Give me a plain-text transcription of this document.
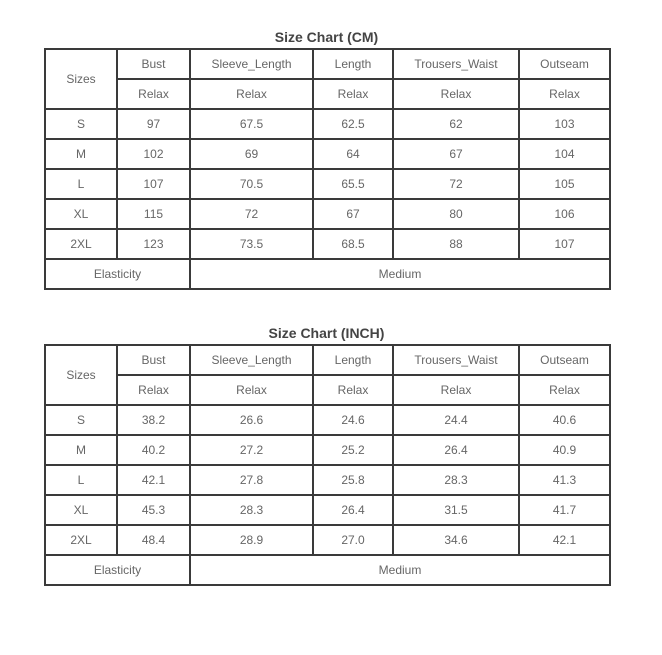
Size Chart (CM)
Sizes	Bust	Sleeve_Length	Length	Trousers_Waist	Outseam
	Relax	Relax	Relax	Relax	Relax
S	97	67.5	62.5	62	103
M	102	69	64	67	104
L	107	70.5	65.5	72	105
XL	115	72	67	80	106
2XL	123	73.5	68.5	88	107
Elasticity		Medium			
Size Chart (INCH)
Sizes	Bust	Sleeve_Length	Length	Trousers_Waist	Outseam
	Relax	Relax	Relax	Relax	Relax
S	38.2	26.6	24.6	24.4	40.6
M	40.2	27.2	25.2	26.4	40.9
L	42.1	27.8	25.8	28.3	41.3
XL	45.3	28.3	26.4	31.5	41.7
2XL	48.4	28.9	27.0	34.6	42.1
Elasticity		Medium			
